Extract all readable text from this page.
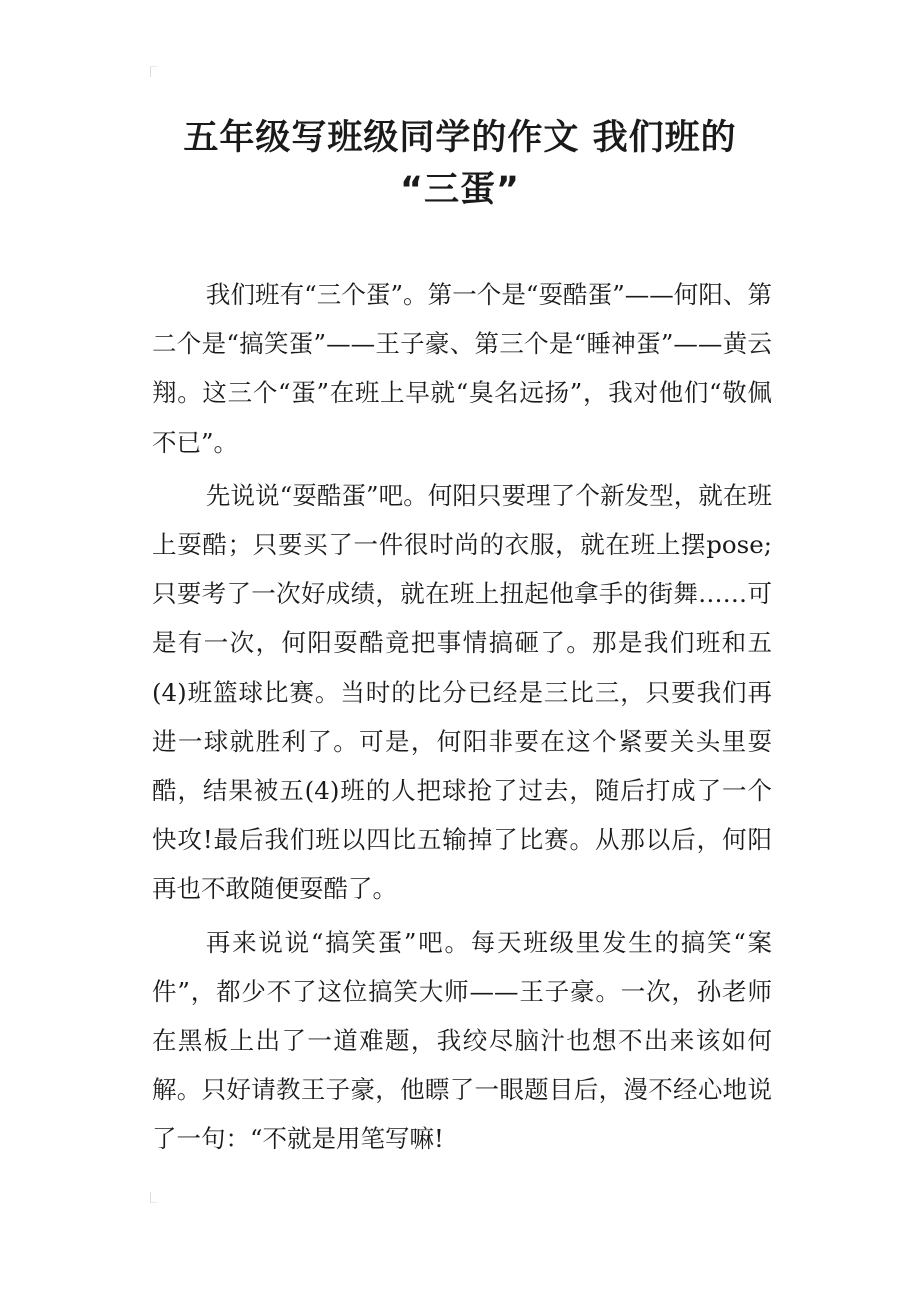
五年级写班级同学的作文 我们班的
“三蛋”

我们班有“三个蛋”。第一个是“耍酷蛋”——何阳、第二个是“搞笑蛋”——王子豪、第三个是“睡神蛋”——黄云翔。这三个“蛋”在班上早就“臭名远扬”，我对他们“敬佩不已”。

先说说“耍酷蛋”吧。何阳只要理了个新发型，就在班上耍酷；只要买了一件很时尚的衣服，就在班上摆pose;只要考了一次好成绩，就在班上扭起他拿手的街舞……可是有一次，何阳耍酷竟把事情搞砸了。那是我们班和五(4)班篮球比赛。当时的比分已经是三比三，只要我们再进一球就胜利了。可是，何阳非要在这个紧要关头里耍酷，结果被五(4)班的人把球抢了过去，随后打成了一个快攻!最后我们班以四比五输掉了比赛。从那以后，何阳再也不敢随便耍酷了。

再来说说“搞笑蛋”吧。每天班级里发生的搞笑“案件”，都少不了这位搞笑大师——王子豪。一次，孙老师在黑板上出了一道难题，我绞尽脑汁也想不出来该如何解。只好请教王子豪，他瞟了一眼题目后，漫不经心地说了一句：“不就是用笔写嘛!
